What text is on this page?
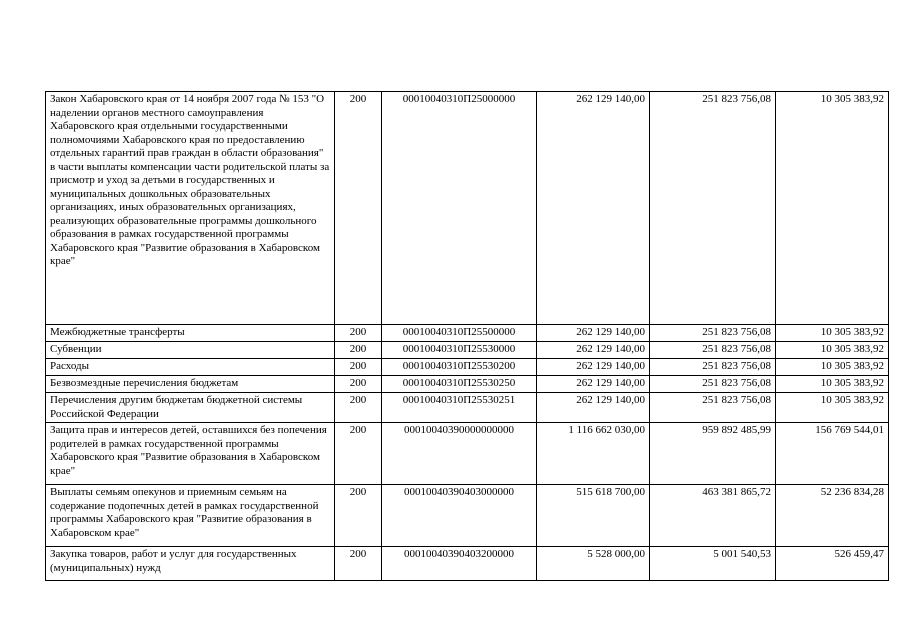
Закон Хабаровского края от 14 ноября 2007 года № 153 "О наделении органов местного самоуправления Хабаровского края отдельными государственными полномочиями Хабаровского края по предоставлению отдельных гарантий прав граждан в области образования" в части выплаты компенсации части родительской платы за присмотр и уход за детьми в государственных и муниципальных дошкольных образовательных организациях, иных образовательных организациях, реализующих образовательные программы дошкольного образования в рамках государственной программы Хабаровского края "Развитие образования в Хабаровском крае"	200	00010040310П25000000	262 129 140,00	251 823 756,08	10 305 383,92
Межбюджетные трансферты	200	00010040310П25500000	262 129 140,00	251 823 756,08	10 305 383,92
Субвенции	200	00010040310П25530000	262 129 140,00	251 823 756,08	10 305 383,92
Расходы	200	00010040310П25530200	262 129 140,00	251 823 756,08	10 305 383,92
Безвозмездные перечисления бюджетам	200	00010040310П25530250	262 129 140,00	251 823 756,08	10 305 383,92
Перечисления другим бюджетам бюджетной системы Российской Федерации	200	00010040310П25530251	262 129 140,00	251 823 756,08	10 305 383,92
Защита прав и интересов детей, оставшихся без попечения родителей в рамках государственной программы Хабаровского края "Развитие образования в Хабаровском крае"	200	00010040390000000000	1 116 662 030,00	959 892 485,99	156 769 544,01
Выплаты семьям опекунов и приемным семьям на содержание подопечных детей в рамках государственной программы Хабаровского края "Развитие образования в Хабаровском крае"	200	00010040390403000000	515 618 700,00	463 381 865,72	52 236 834,28
Закупка товаров, работ и услуг для государственных (муниципальных) нужд	200	00010040390403200000	5 528 000,00	5 001 540,53	526 459,47
